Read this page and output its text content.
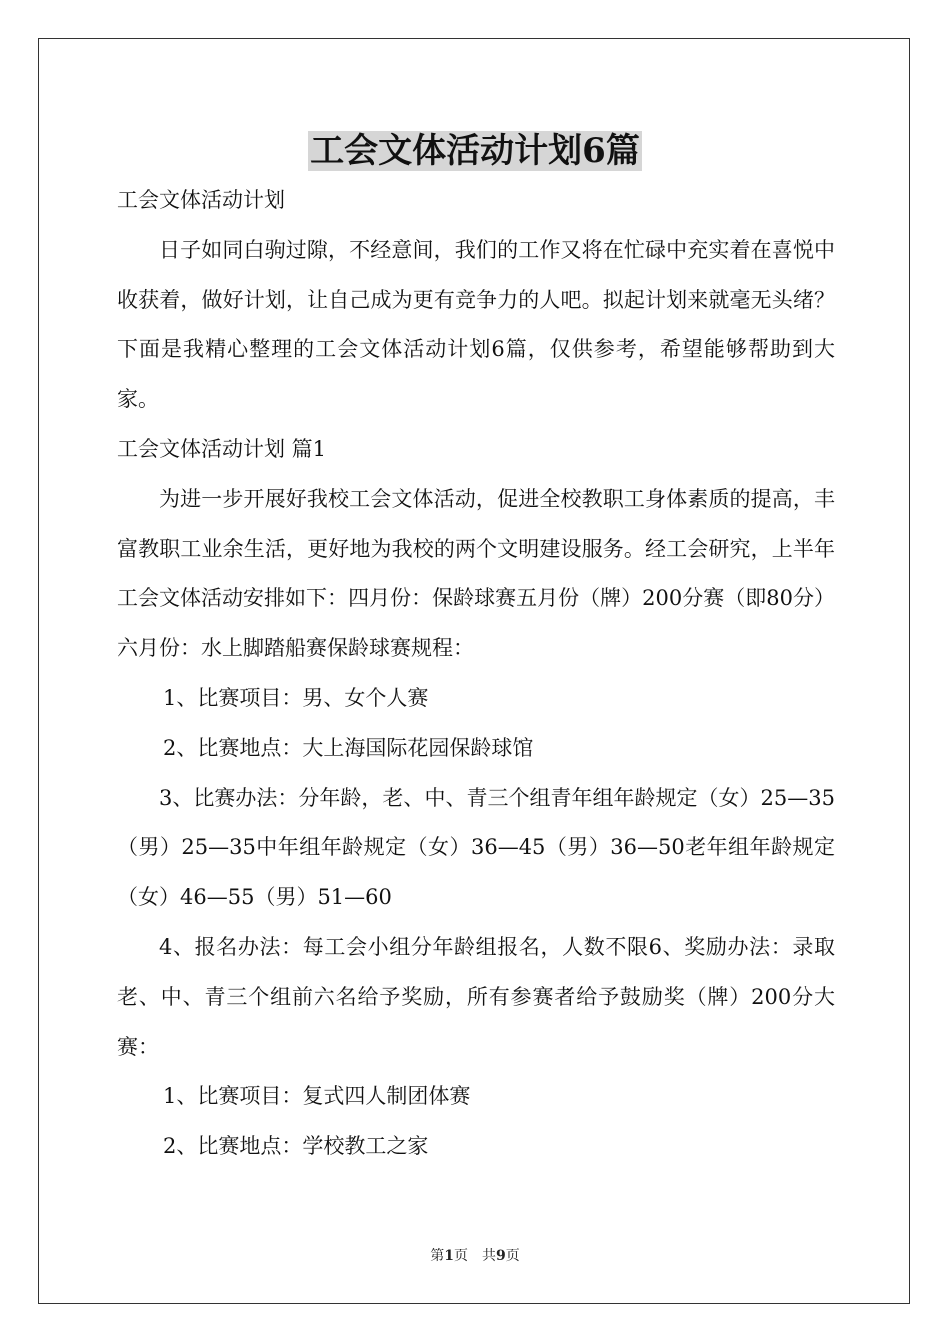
工会文体活动计划6篇

工会文体活动计划

日子如同白驹过隙，不经意间，我们的工作又将在忙碌中充实着在喜悦中收获着，做好计划，让自己成为更有竞争力的人吧。拟起计划来就毫无头绪？下面是我精心整理的工会文体活动计划6篇，仅供参考，希望能够帮助到大家。

工会文体活动计划 篇1

为进一步开展好我校工会文体活动，促进全校教职工身体素质的提高，丰富教职工业余生活，更好地为我校的两个文明建设服务。经工会研究，上半年工会文体活动安排如下：四月份：保龄球赛五月份（牌）200分赛（即80分）六月份：水上脚踏船赛保龄球赛规程：

1、比赛项目：男、女个人赛

2、比赛地点：大上海国际花园保龄球馆

3、比赛办法：分年龄，老、中、青三个组青年组年龄规定（女）25—35（男）25—35中年组年龄规定（女）36—45（男）36—50老年组年龄规定（女）46—55（男）51—60

4、报名办法：每工会小组分年龄组报名，人数不限6、奖励办法：录取老、中、青三个组前六名给予奖励，所有参赛者给予鼓励奖（牌）200分大赛：

1、比赛项目：复式四人制团体赛

2、比赛地点：学校教工之家

第1页　共9页
